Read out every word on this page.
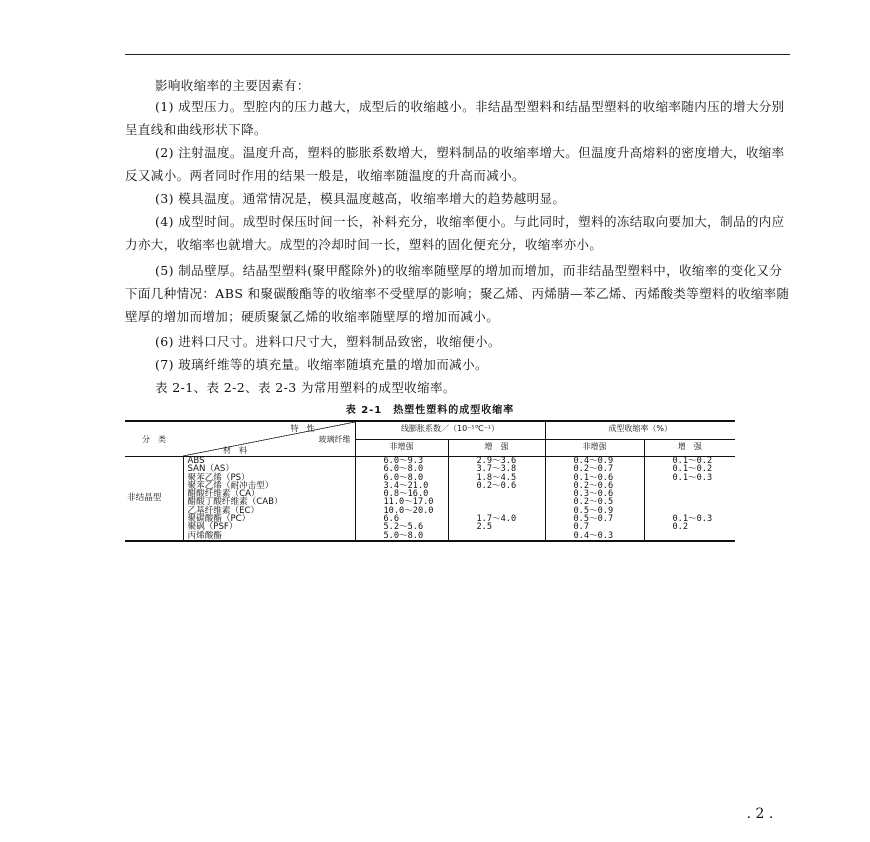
影响收缩率的主要因素有：

(1) 成型压力。型腔内的压力越大，成型后的收缩越小。非结晶型塑料和结晶型塑料的收缩率随内压的增大分别呈直线和曲线形状下降。

(2) 注射温度。温度升高，塑料的膨胀系数增大，塑料制品的收缩率增大。但温度升高熔料的密度增大，收缩率反又减小。两者同时作用的结果一般是，收缩率随温度的升高而减小。

(3) 模具温度。通常情况是，模具温度越高，收缩率增大的趋势越明显。

(4) 成型时间。成型时保压时间一长，补料充分，收缩率便小。与此同时，塑料的冻结取向要加大，制品的内应力亦大，收缩率也就增大。成型的冷却时间一长，塑料的固化便充分，收缩率亦小。

(5) 制品壁厚。结晶型塑料(聚甲醛除外)的收缩率随壁厚的增加而增加，而非结晶型塑料中，收缩率的变化又分下面几种情况：ABS 和聚碳酸酯等的收缩率不受壁厚的影响；聚乙烯、丙烯腈—苯乙烯、丙烯酸类等塑料的收缩率随壁厚的增加而增加；硬质聚氯乙烯的收缩率随壁厚的增加而减小。

(6) 进料口尺寸。进料口尺寸大，塑料制品致密，收缩便小。

(7) 玻璃纤维等的填充量。收缩率随填充量的增加而减小。

表 2-1、表 2-2、表 2-3 为常用塑料的成型收缩率。

表 2-1　热塑性塑料的成型收缩率
分　类	特　性
玻璃纤维
材　料	线膨胀系数／（10⁻⁵℃⁻¹）		成型收缩率（%）	
		非增强	增　强	非增强	增　强
非结晶型	ABS	6.0～9.3	2.9～3.6	0.4～0.9	0.1～0.2
	SAN（AS）	6.0～8.0	3.7～3.8	0.2～0.7	0.1～0.2
	聚苯乙烯（PS）	6.0～8.0	1.8～4.5	0.1～0.6	0.1～0.3
	聚苯乙烯（耐冲击型）	3.4～21.0	0.2～0.6	0.2～0.6	
	醋酸纤维素（CA）	0.8～16.0		0.3～0.6	
	醋酸丁酸纤维素（CAB）	11.0～17.0		0.2～0.5	
	乙基纤维素（EC）	10.0～20.0		0.5～0.9	
	聚碳酸酯（PC）	6.6	1.7～4.0	0.5～0.7	0.1～0.3
	聚砜（PSF）	5.2～5.6	2.5	0.7	0.2
	丙烯酸酯	5.0～8.0		0.4～0.3	
. 2 .
